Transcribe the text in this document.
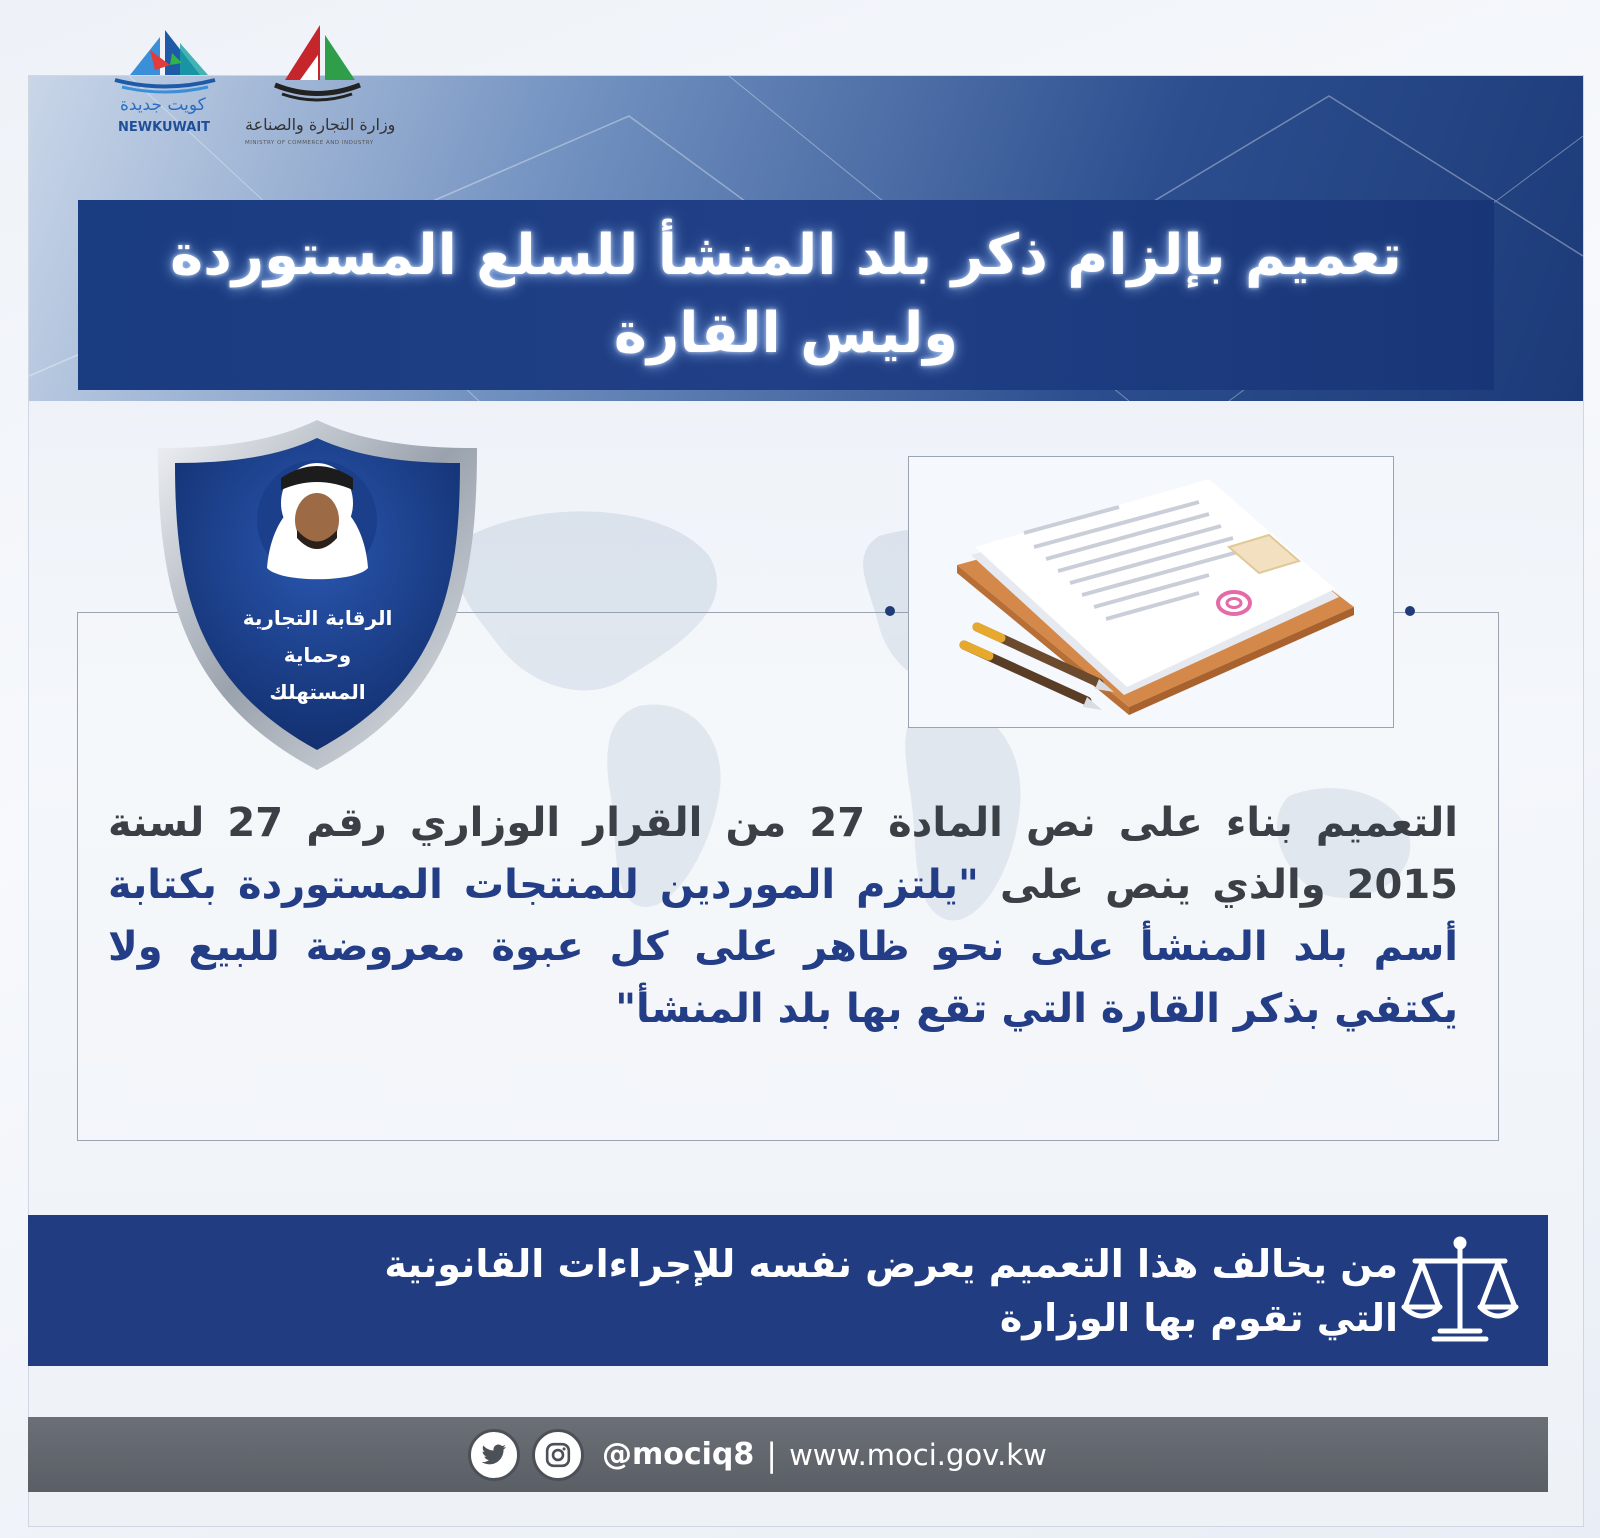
كويت جديدة
NEWKUWAIT وزارة التجارة والصناعة
MINISTRY OF COMMERCE AND INDUSTRY
تعميم بإلزام ذكر بلد المنشأ للسلع المستوردة
وليس القارة
الرقابة التجارية
وحماية
المستهلك
التعميم بناء على نص المادة 27 من القرار الوزاري رقم 27 لسنة 2015 والذي ينص على "يلتزم الموردين للمنتجات المستوردة بكتابة أسم بلد المنشأ على نحو ظاهر على كل عبوة معروضة للبيع ولا يكتفي بذكر القارة التي تقع بها بلد المنشأ"
من يخالف هذا التعميم يعرض نفسه للإجراءات القانونية
التي تقوم بها الوزارة
@mociq8 | www.moci.gov.kw
